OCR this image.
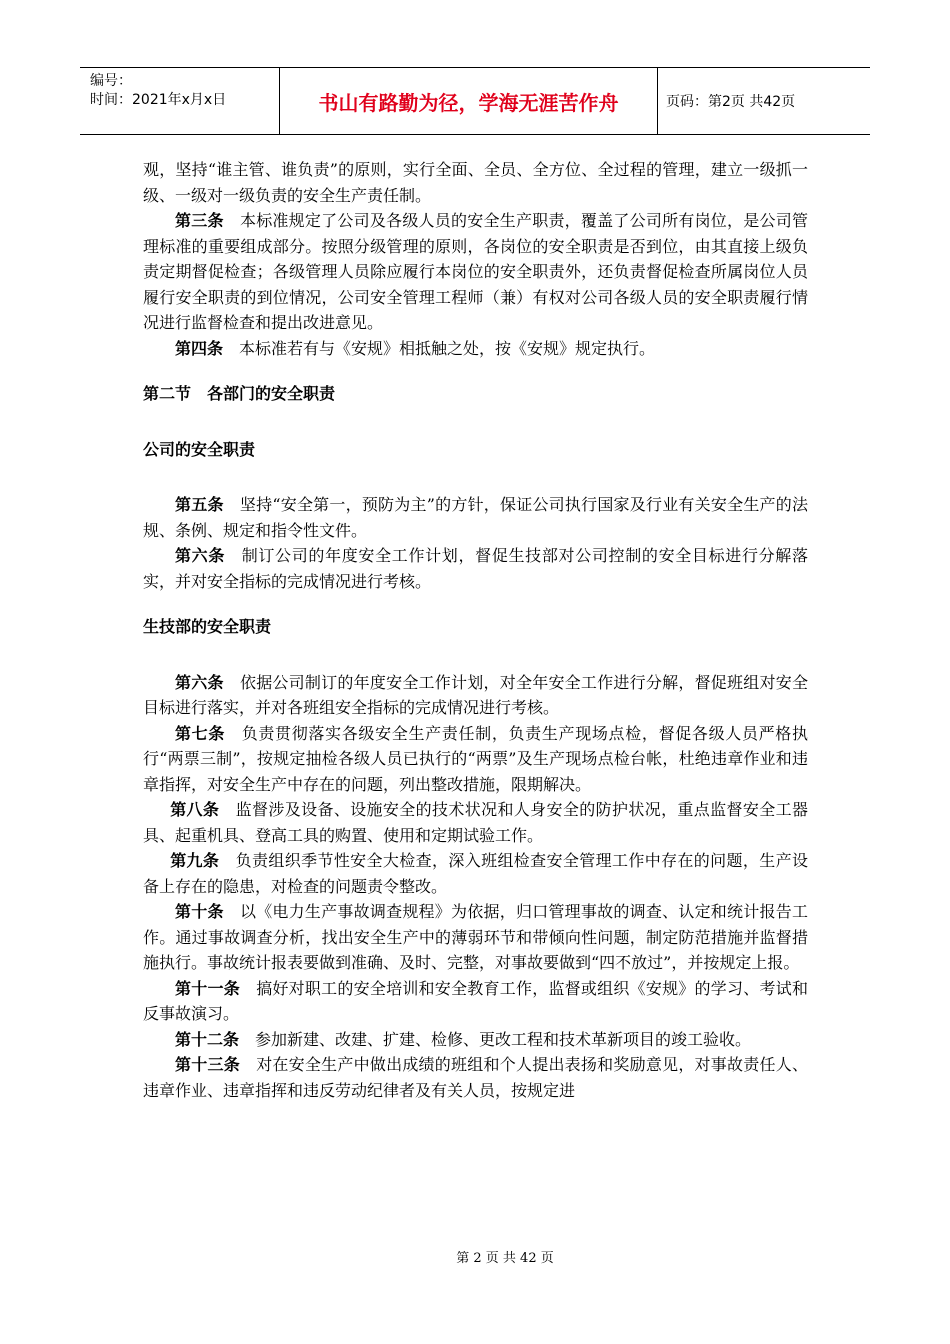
编号：
时间：2021年x月x日	书山有路勤为径，学海无涯苦作舟	页码：第2页 共42页

观，坚持“谁主管、谁负责”的原则，实行全面、全员、全方位、全过程的管理，建立一级抓一级、一级对一级负责的安全生产责任制。

第三条　本标准规定了公司及各级人员的安全生产职责，覆盖了公司所有岗位，是公司管理标准的重要组成部分。按照分级管理的原则，各岗位的安全职责是否到位，由其直接上级负责定期督促检查；各级管理人员除应履行本岗位的安全职责外，还负责督促检查所属岗位人员履行安全职责的到位情况，公司安全管理工程师（兼）有权对公司各级人员的安全职责履行情况进行监督检查和提出改进意见。

第四条　本标准若有与《安规》相抵触之处，按《安规》规定执行。

第二节　各部门的安全职责

公司的安全职责

第五条　坚持“安全第一，预防为主”的方针，保证公司执行国家及行业有关安全生产的法规、条例、规定和指令性文件。

第六条　制订公司的年度安全工作计划，督促生技部对公司控制的安全目标进行分解落实，并对安全指标的完成情况进行考核。

生技部的安全职责

第六条　依据公司制订的年度安全工作计划，对全年安全工作进行分解，督促班组对安全目标进行落实，并对各班组安全指标的完成情况进行考核。

第七条　负责贯彻落实各级安全生产责任制，负责生产现场点检，督促各级人员严格执行“两票三制”，按规定抽检各级人员已执行的“两票”及生产现场点检台帐，杜绝违章作业和违章指挥，对安全生产中存在的问题，列出整改措施，限期解决。

第八条　监督涉及设备、设施安全的技术状况和人身安全的防护状况，重点监督安全工器具、起重机具、登高工具的购置、使用和定期试验工作。

第九条　负责组织季节性安全大检查，深入班组检查安全管理工作中存在的问题，生产设备上存在的隐患，对检查的问题责令整改。

第十条　以《电力生产事故调查规程》为依据，归口管理事故的调查、认定和统计报告工作。通过事故调查分析，找出安全生产中的薄弱环节和带倾向性问题，制定防范措施并监督措施执行。事故统计报表要做到准确、及时、完整，对事故要做到“四不放过”，并按规定上报。

第十一条　搞好对职工的安全培训和安全教育工作，监督或组织《安规》的学习、考试和反事故演习。

第十二条　参加新建、改建、扩建、检修、更改工程和技术革新项目的竣工验收。

第十三条　对在安全生产中做出成绩的班组和个人提出表扬和奖励意见，对事故责任人、违章作业、违章指挥和违反劳动纪律者及有关人员，按规定进

第 2 页 共 42 页
